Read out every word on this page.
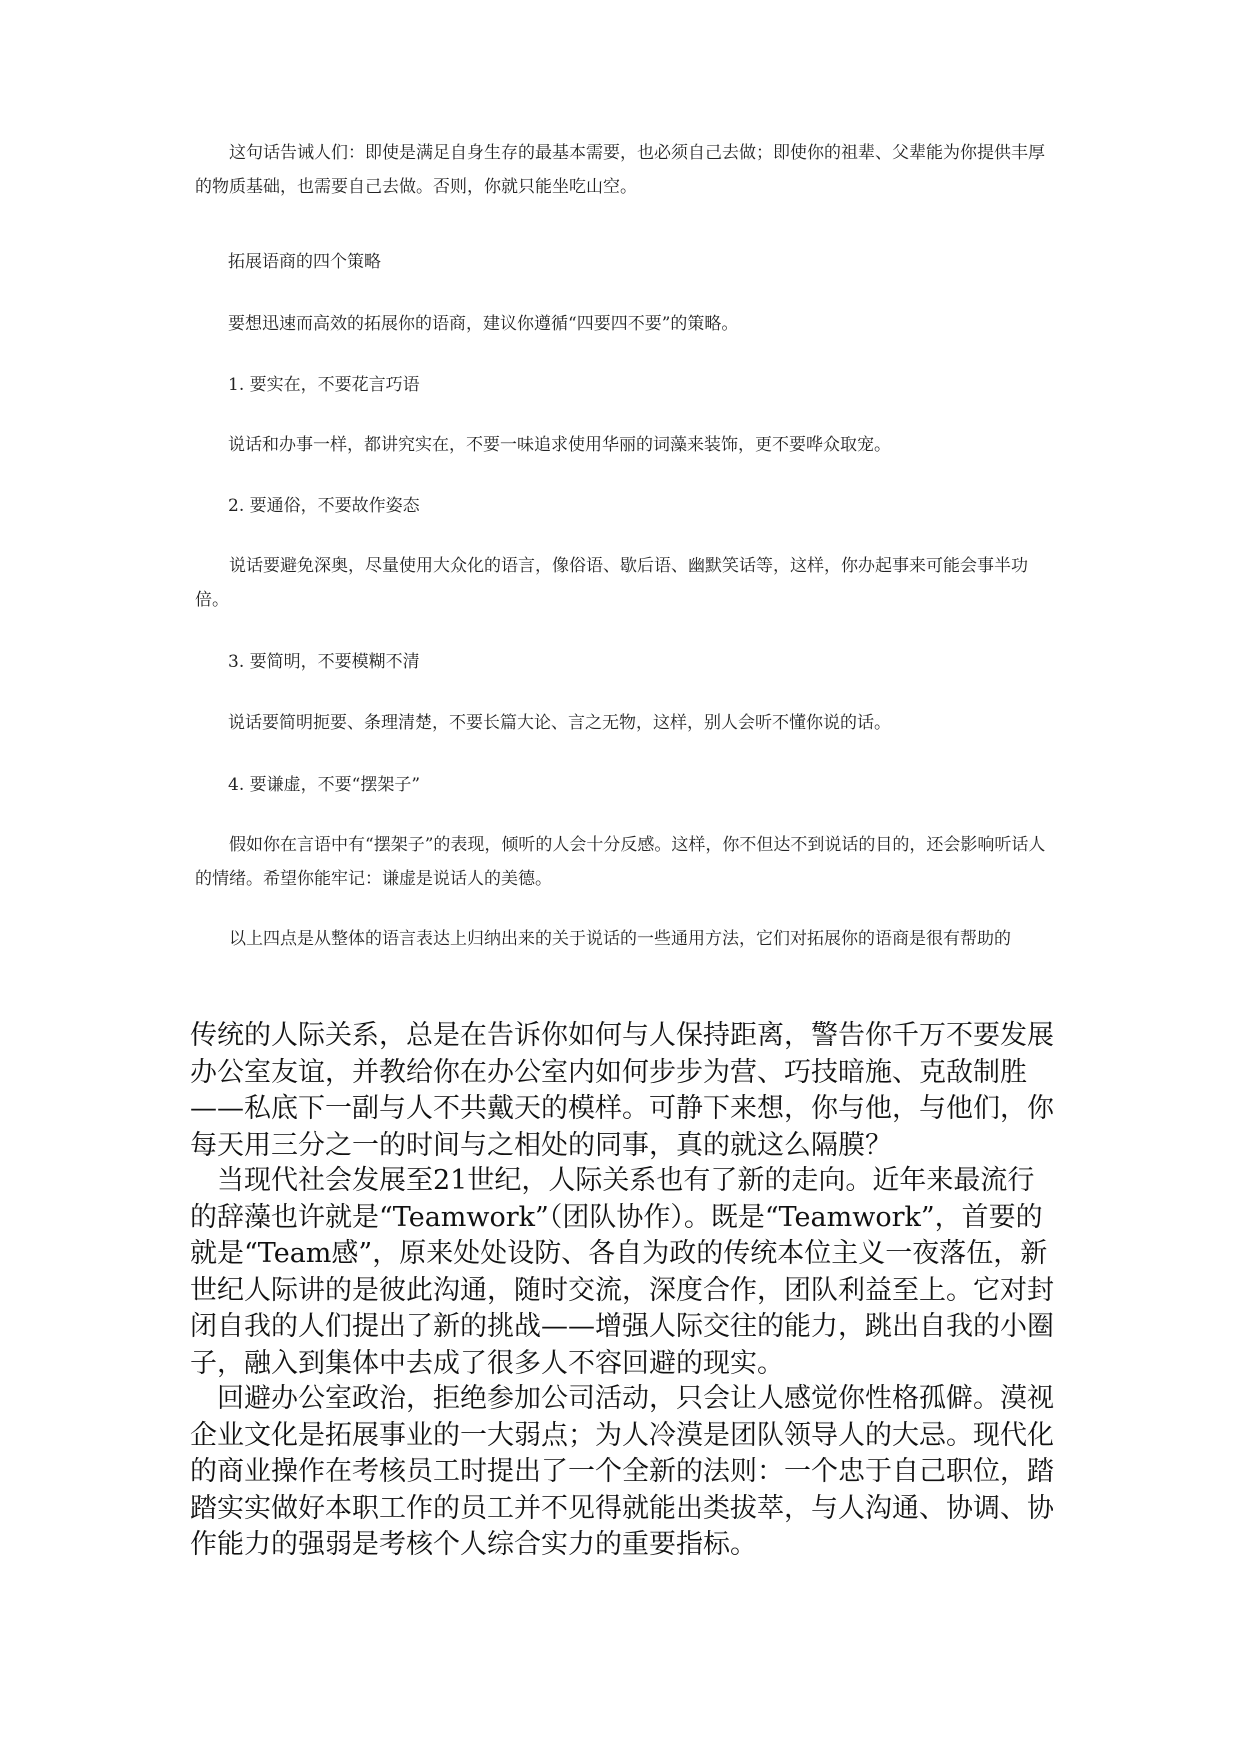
这句话告诫人们：即使是满足自身生存的最基本需要，也必须自己去做；即使你的祖辈、父辈能为你提供丰厚的物质基础，也需要自己去做。否则，你就只能坐吃山空。

拓展语商的四个策略

要想迅速而高效的拓展你的语商，建议你遵循“四要四不要”的策略。

1. 要实在，不要花言巧语

说话和办事一样，都讲究实在，不要一味追求使用华丽的词藻来装饰，更不要哗众取宠。

2. 要通俗，不要故作姿态

说话要避免深奥，尽量使用大众化的语言，像俗语、歇后语、幽默笑话等，这样，你办起事来可能会事半功倍。

3. 要简明，不要模糊不清

说话要简明扼要、条理清楚，不要长篇大论、言之无物，这样，别人会听不懂你说的话。

4. 要谦虚，不要“摆架子”

假如你在言语中有“摆架子”的表现，倾听的人会十分反感。这样，你不但达不到说话的目的，还会影响听话人的情绪。希望你能牢记：谦虚是说话人的美德。

以上四点是从整体的语言表达上归纳出来的关于说话的一些通用方法，它们对拓展你的语商是很有帮助的

传统的人际关系，总是在告诉你如何与人保持距离，警告你千万不要发展办公室友谊，并教给你在办公室内如何步步为营、巧技暗施、克敌制胜——私底下一副与人不共戴天的模样。可静下来想，你与他，与他们，你每天用三分之一的时间与之相处的同事，真的就这么隔膜？

当现代社会发展至21世纪，人际关系也有了新的走向。近年来最流行的辞藻也许就是“Teamwork”（团队协作）。既是“Teamwork”，首要的就是“Team感”，原来处处设防、各自为政的传统本位主义一夜落伍，新世纪人际讲的是彼此沟通，随时交流，深度合作，团队利益至上。它对封闭自我的人们提出了新的挑战——增强人际交往的能力，跳出自我的小圈子，融入到集体中去成了很多人不容回避的现实。

回避办公室政治，拒绝参加公司活动，只会让人感觉你性格孤僻。漠视企业文化是拓展事业的一大弱点；为人冷漠是团队领导人的大忌。现代化的商业操作在考核员工时提出了一个全新的法则：一个忠于自己职位，踏踏实实做好本职工作的员工并不见得就能出类拔萃，与人沟通、协调、协作能力的强弱是考核个人综合实力的重要指标。
